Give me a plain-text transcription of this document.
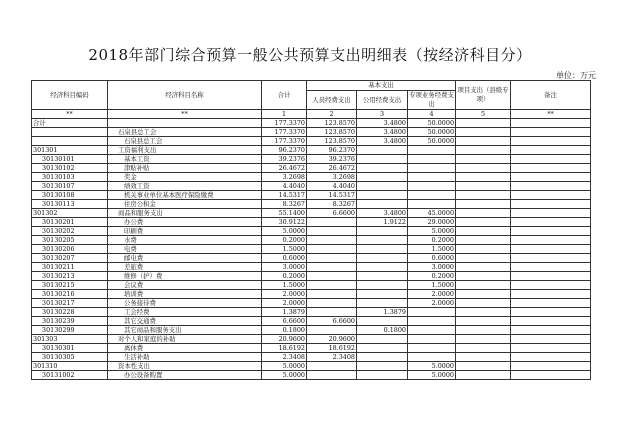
2018年部门综合预算一般公共预算支出明细表（按经济科目分）
单位：万元
经济科目编码	经济科目名称	合计	基本支出			项目支出（县级专项）	备注
			人员经费支出	公用经费支出	专项业务经费支出		
**	**	1	2	3	4	5	**
合计		177.3370	123.8570	3.4800	50.0000		
	石泉县总工会	177.3370	123.8570	3.4800	50.0000		
	石泉县总工会	177.3370	123.8570	3.4800	50.0000		
301301	工资福利支出	96.2370	96.2370				
30130101	基本工资	39.2376	39.2376				
30130102	津贴补贴	26.4672	26.4672				
30130103	奖金	3.2698	3.2698				
30130107	绩效工资	4.4040	4.4040				
30130108	机关事业单位基本医疗保险缴费	14.5317	14.5317				
30130113	住房公积金	8.3267	8.3267				
301302	商品和服务支出	55.1400	6.6600	3.4800	45.0000		
30130201	办公费	30.9122		1.9122	29.0000		
30130202	印刷费	5.0000			5.0000		
30130205	水费	0.2000			0.2000		
30130206	电费	1.5000			1.5000		
30130207	邮电费	0.6000			0.6000		
30130211	差旅费	3.0000			3.0000		
30130213	维修（护）费	0.2000			0.2000		
30130215	会议费	1.5000			1.5000		
30130216	培训费	2.0000			2.0000		
30130217	公务接待费	2.0000			2.0000		
30130228	工会经费	1.3879		1.3879			
30130239	其它交通费	6.6600	6.6600				
30130299	其它商品和服务支出	0.1800		0.1800			
301303	对个人和家庭的补助	20.9600	20.9600				
30130301	离休费	18.6192	18.6192				
30130305	生活补助	2.3408	2.3408				
301310	资本性支出	5.0000			5.0000		
30131002	办公设备购置	5.0000			5.0000		
